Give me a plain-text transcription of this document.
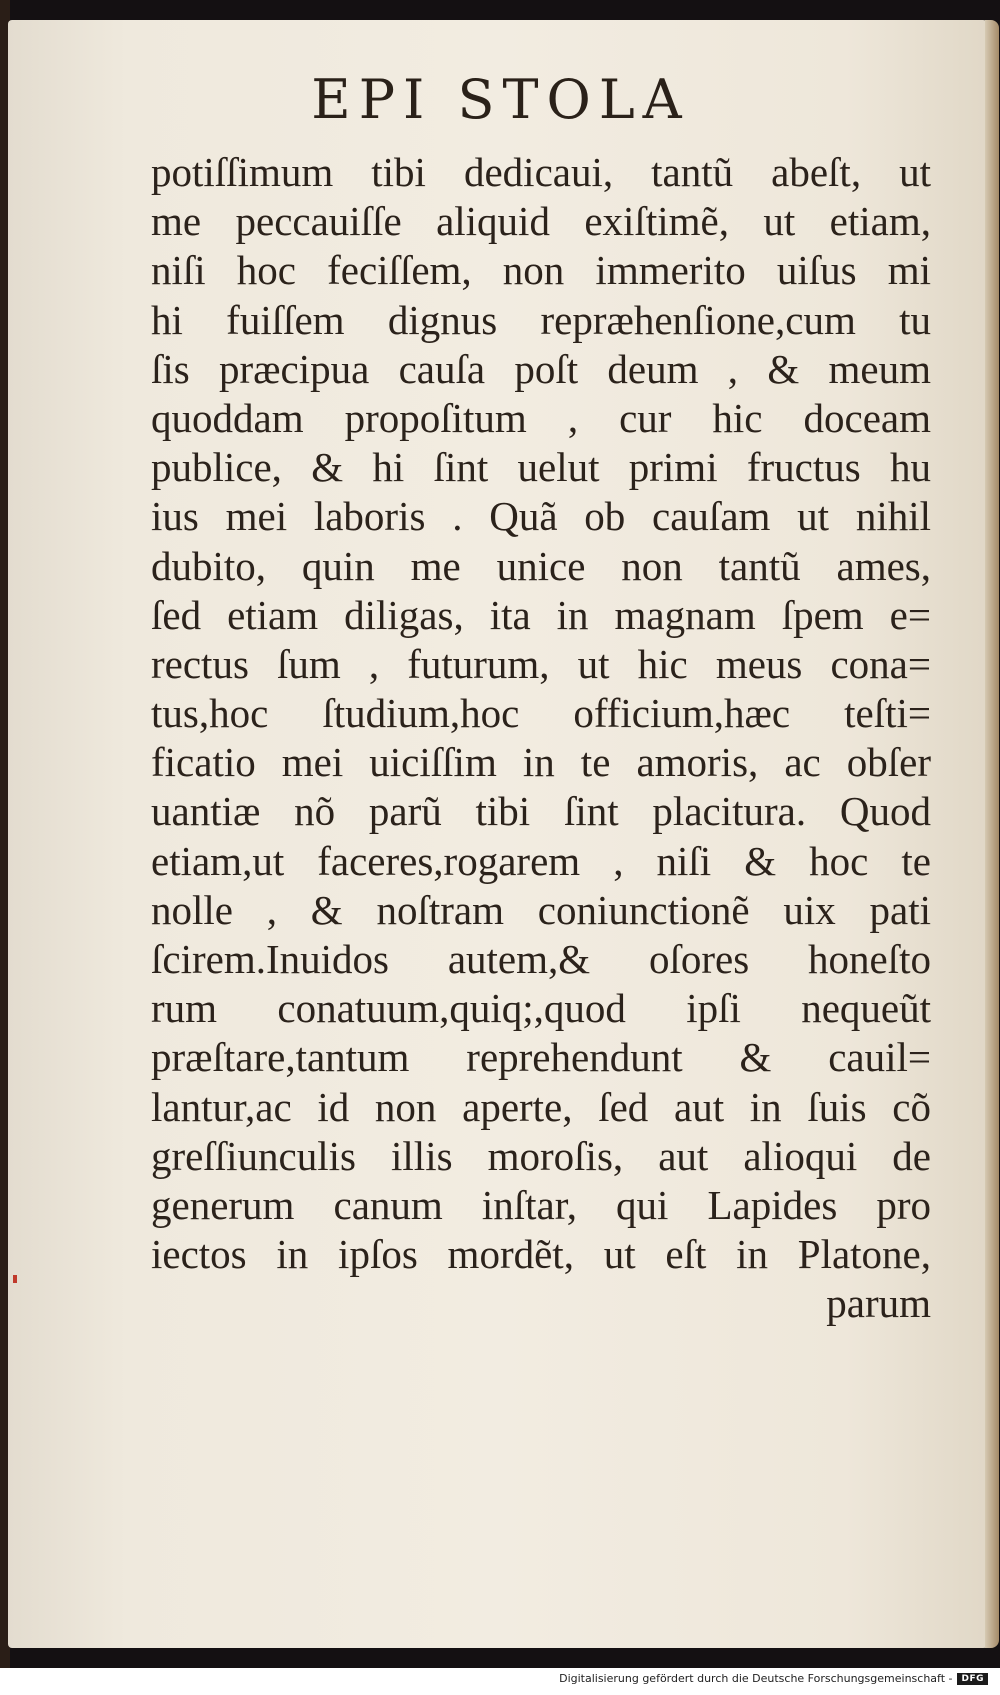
EPI STOLA
potiſſimum tibi dedicaui, tantũ abeſt, ut
me peccauiſſe aliquid exiſtimẽ, ut etiam,
niſi hoc feciſſem, non immerito uiſus mi
hi fuiſſem dignus repræhenſione,cum tu
ſis præcipua cauſa poſt deum , & meum
quoddam propoſitum , cur hic doceam
publice, & hi ſint uelut primi fructus hu
ius mei laboris . Quã ob cauſam ut nihil
dubito, quin me unice non tantũ ames,
ſed etiam diligas, ita in magnam ſpem e=
rectus ſum , futurum, ut hic meus cona=
tus,hoc ſtudium,hoc officium,hæc teſti=
ficatio mei uiciſſim in te amoris, ac obſer
uantiæ nõ parũ tibi ſint placitura. Quod
etiam,ut faceres,rogarem , niſi & hoc te
nolle , & noſtram coniunctionẽ uix pati
ſcirem.Inuidos autem,& oſores honeſto
rum conatuum,quiq;,quod ipſi nequeũt
præſtare,tantum reprehendunt & cauil=
lantur,ac id non aperte, ſed aut in ſuis cõ
greſſiunculis illis moroſis, aut alioqui de
generum canum inſtar, qui Lapides pro
iectos in ipſos mordẽt, ut eſt in Platone,
parum
Digitalisierung gefördert durch die Deutsche Forschungsgemeinschaft -	DFG
